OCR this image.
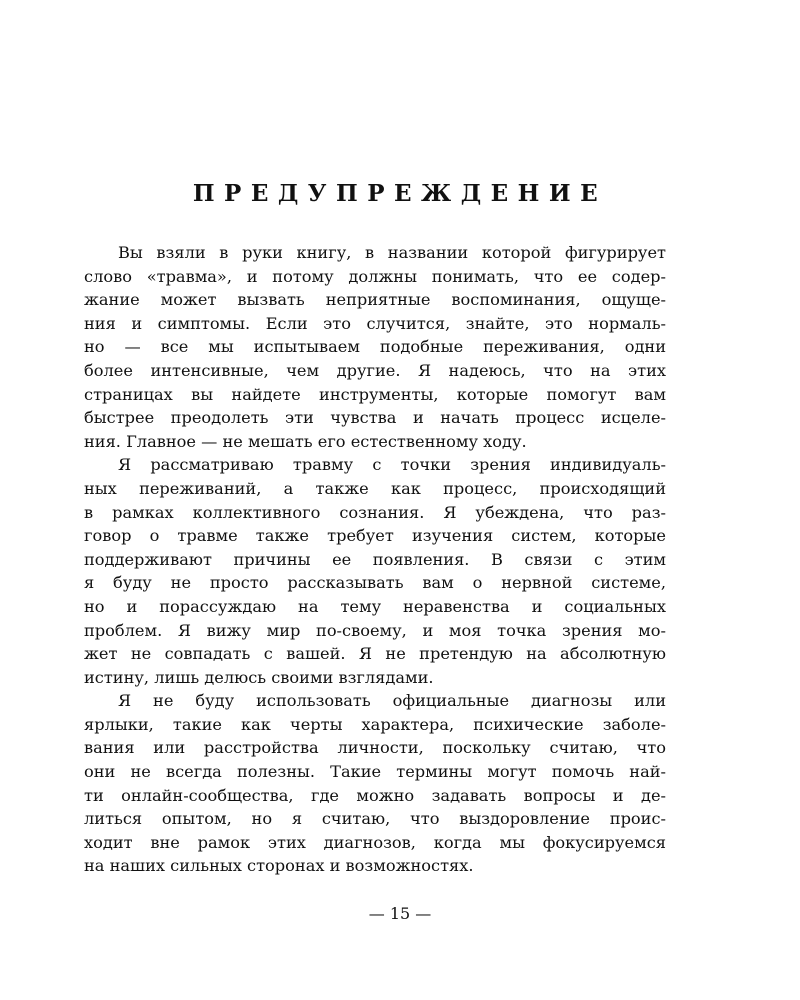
ПРЕДУПРЕЖДЕНИЕ

Вы взяли в руки книгу, в названии которой фигурирует
слово «травма», и потому должны понимать, что ее содер-
жание может вызвать неприятные воспоминания, ощуще-
ния и симптомы. Если это случится, знайте, это нормаль-
но — все мы испытываем подобные переживания, одни
более интенсивные, чем другие. Я надеюсь, что на этих
страницах вы найдете инструменты, которые помогут вам
быстрее преодолеть эти чувства и начать процесс исцеле-
ния. Главное — не мешать его естественному ходу.

Я рассматриваю травму с точки зрения индивидуаль-
ных переживаний, а также как процесс, происходящий
в рамках коллективного сознания. Я убеждена, что раз-
говор о травме также требует изучения систем, которые
поддерживают причины ее появления. В связи с этим
я буду не просто рассказывать вам о нервной системе,
но и порассуждаю на тему неравенства и социальных
проблем. Я вижу мир по-своему, и моя точка зрения мо-
жет не совпадать с вашей. Я не претендую на абсолютную
истину, лишь делюсь своими взглядами.

Я не буду использовать официальные диагнозы или
ярлыки, такие как черты характера, психические заболе-
вания или расстройства личности, поскольку считаю, что
они не всегда полезны. Такие термины могут помочь най-
ти онлайн-сообщества, где можно задавать вопросы и де-
литься опытом, но я считаю, что выздоровление проис-
ходит вне рамок этих диагнозов, когда мы фокусируемся
на наших сильных сторонах и возможностях.

— 15 —
